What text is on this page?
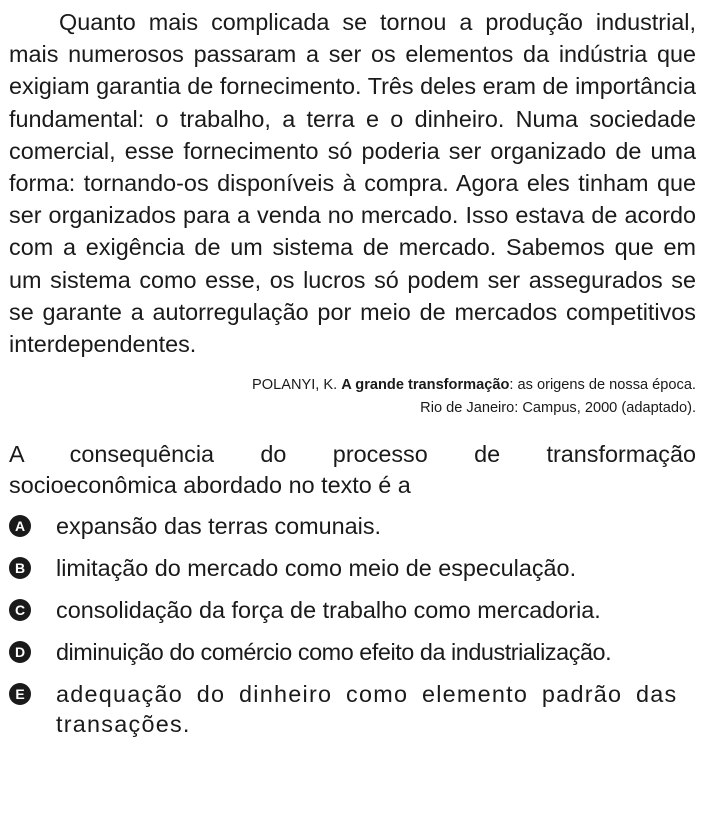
Quanto mais complicada se tornou a produção industrial, mais numerosos passaram a ser os elementos da indústria que exigiam garantia de fornecimento. Três deles eram de importância fundamental: o trabalho, a terra e o dinheiro. Numa sociedade comercial, esse fornecimento só poderia ser organizado de uma forma: tornando-os disponíveis à compra. Agora eles tinham que ser organizados para a venda no mercado. Isso estava de acordo com a exigência de um sistema de mercado. Sabemos que em um sistema como esse, os lucros só podem ser assegurados se se garante a autorregulação por meio de mercados competitivos interdependentes.

POLANYI, K. A grande transformação: as origens de nossa época.
Rio de Janeiro: Campus, 2000 (adaptado).
A consequência do processo de transformação
socioeconômica abordado no texto é a
A expansão das terras comunais.
B limitação do mercado como meio de especulação.
C consolidação da força de trabalho como mercadoria.
D diminuição do comércio como efeito da industrialização.
E adequação do dinheiro como elemento padrão das transações.
